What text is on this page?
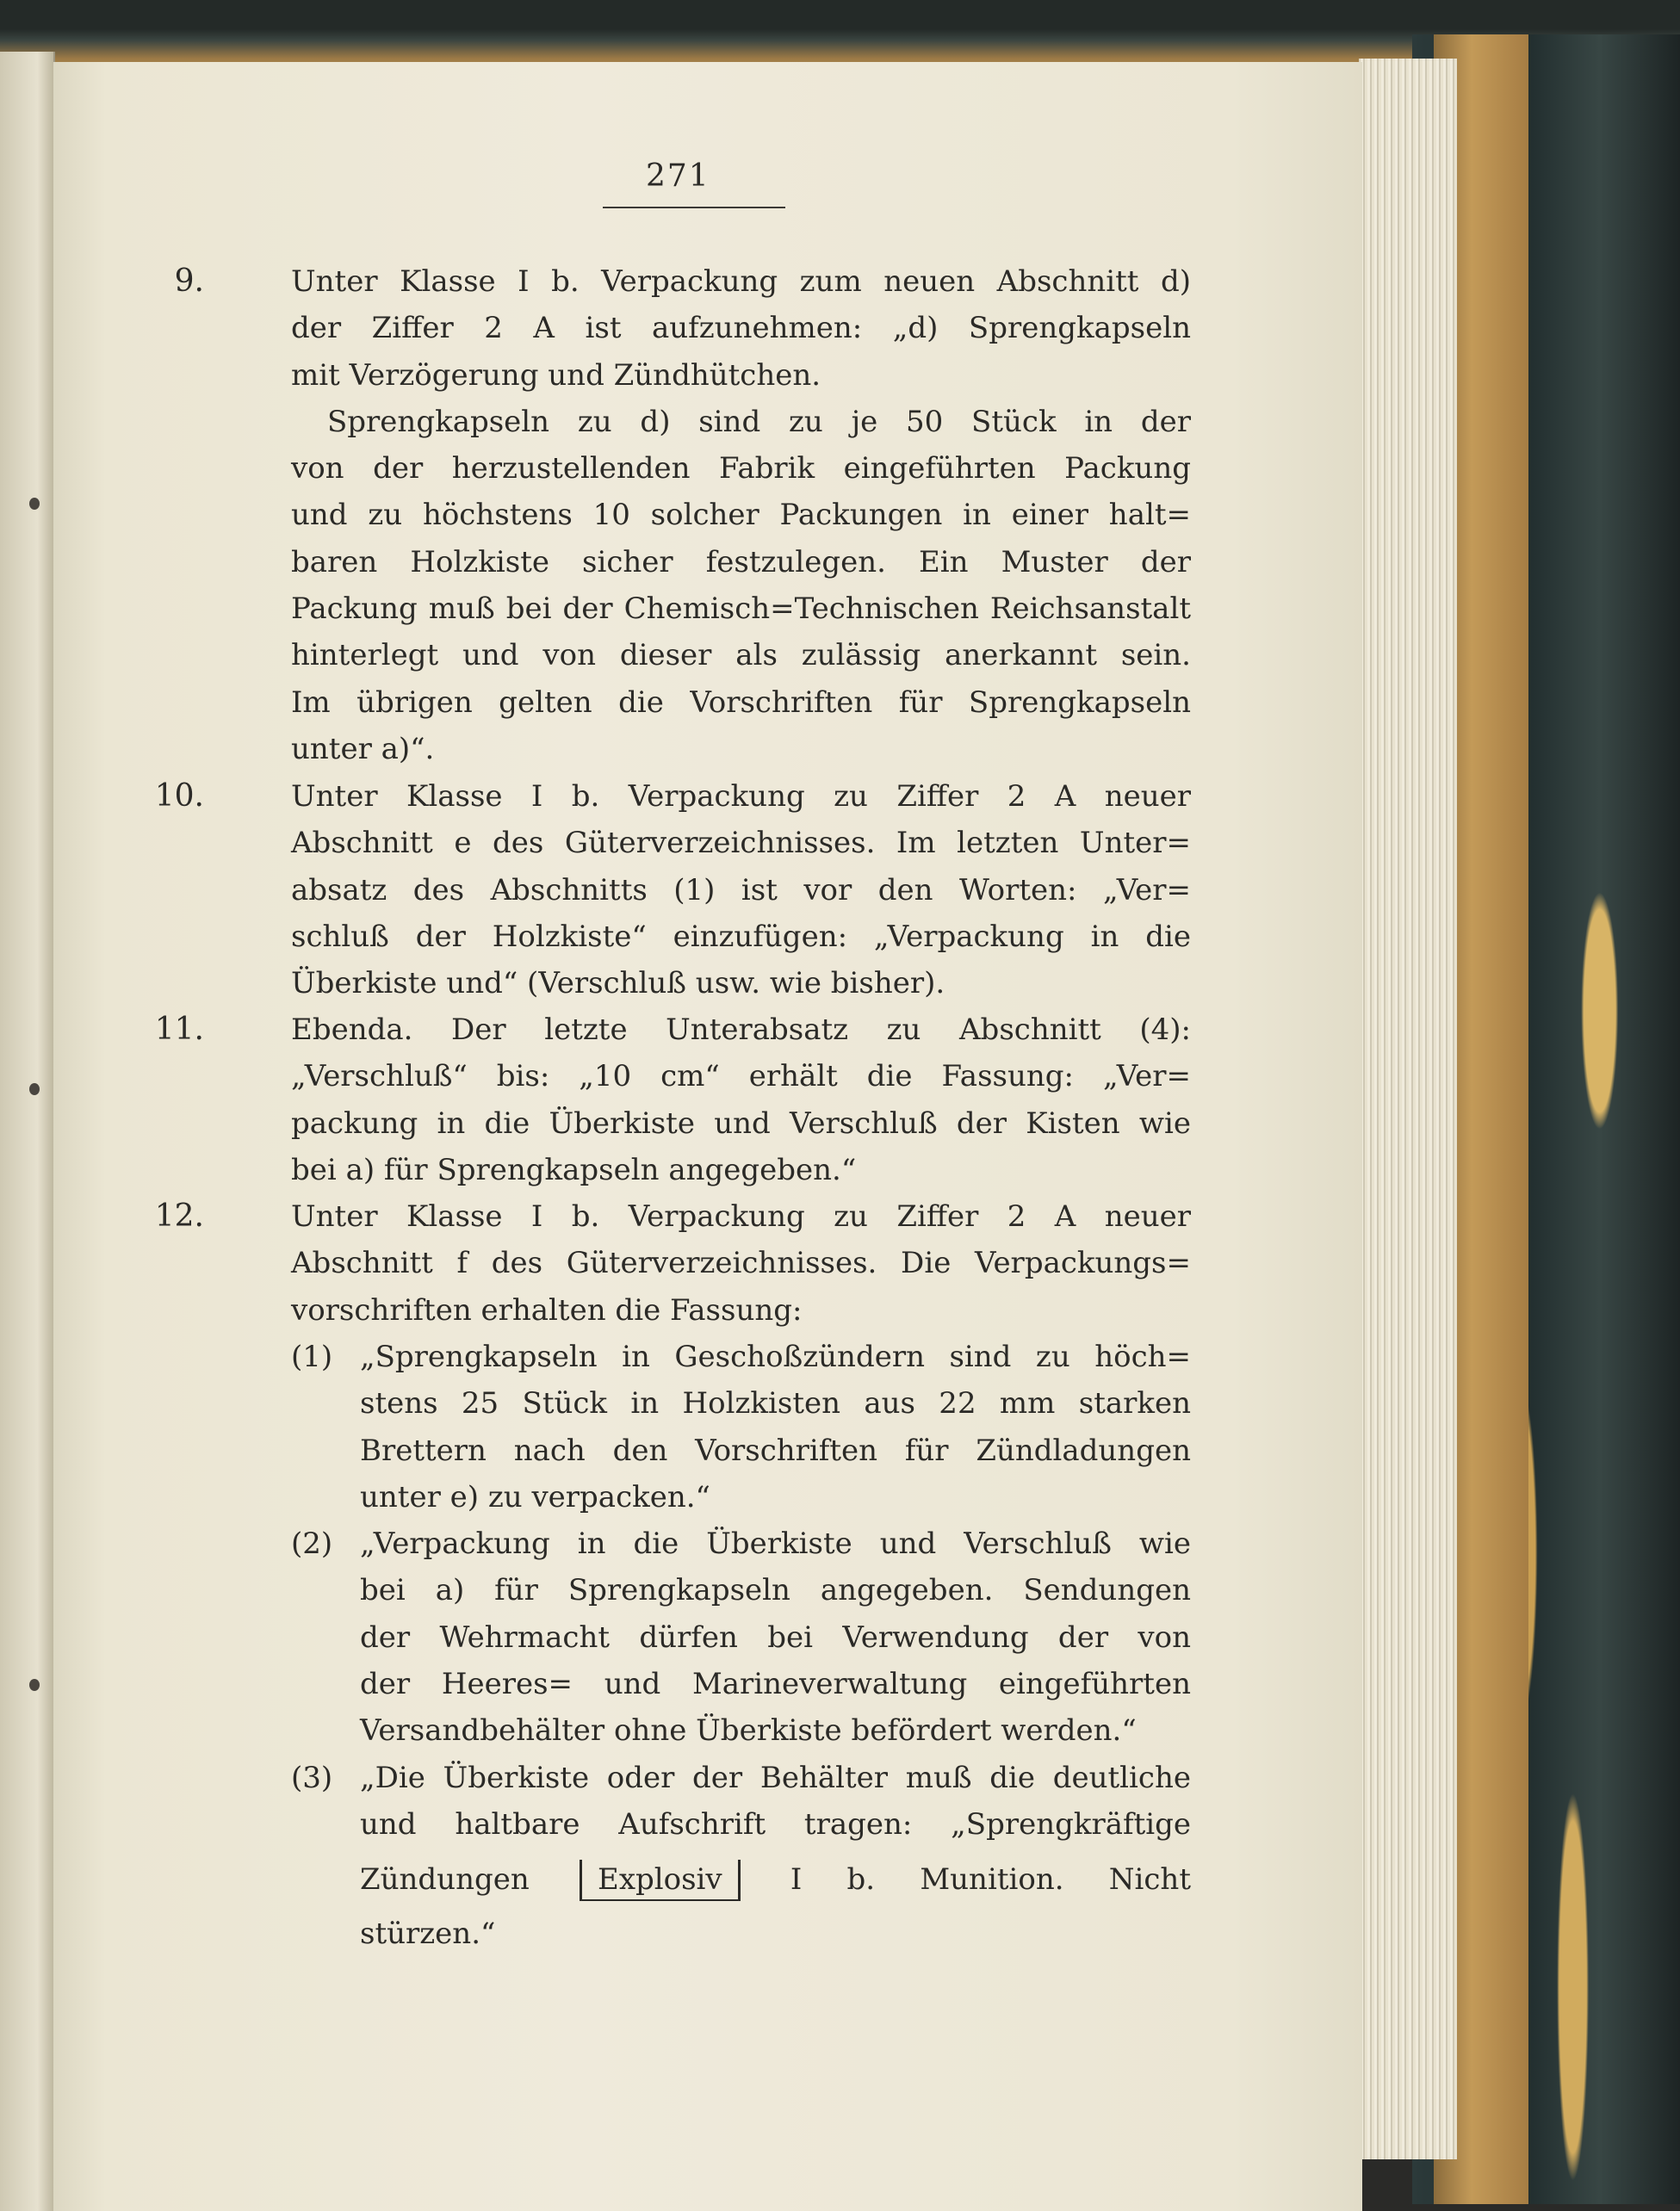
271
9.	Unter Klasse I b. Verpackung zum neuen Abschnitt d)
der Ziffer 2 A ist aufzunehmen: „d) Sprengkapseln
mit Verzögerung und Zündhütchen.
Sprengkapseln zu d) sind zu je 50 Stück in der
von der herzustellenden Fabrik eingeführten Packung
und zu höchstens 10 solcher Packungen in einer halt=
baren Holzkiste sicher festzulegen. Ein Muster der
Packung muß bei der Chemisch=Technischen Reichsanstalt
hinterlegt und von dieser als zulässig anerkannt sein.
Im übrigen gelten die Vorschriften für Sprengkapseln
unter a)“.
10.	Unter Klasse I b. Verpackung zu Ziffer 2 A neuer
Abschnitt e des Güterverzeichnisses. Im letzten Unter=
absatz des Abschnitts (1) ist vor den Worten: „Ver=
schluß der Holzkiste“ einzufügen: „Verpackung in die
Überkiste und“ (Verschluß usw. wie bisher).
11.	Ebenda. Der letzte Unterabsatz zu Abschnitt (4):
„Verschluß“ bis: „10 cm“ erhält die Fassung: „Ver=
packung in die Überkiste und Verschluß der Kisten wie
bei a) für Sprengkapseln angegeben.“
12.	Unter Klasse I b. Verpackung zu Ziffer 2 A neuer
Abschnitt f des Güterverzeichnisses. Die Verpackungs=
vorschriften erhalten die Fassung:
(1) „Sprengkapseln in Geschoßzündern sind zu höch=
stens 25 Stück in Holzkisten aus 22 mm starken
Brettern nach den Vorschriften für Zündladungen
unter e) zu verpacken.“
(2) „Verpackung in die Überkiste und Verschluß wie
bei a) für Sprengkapseln angegeben. Sendungen
der Wehrmacht dürfen bei Verwendung der von
der Heeres= und Marineverwaltung eingeführten
Versandbehälter ohne Überkiste befördert werden.“
(3) „Die Überkiste oder der Behälter muß die deutliche
und haltbare Aufschrift tragen: „Sprengkräftige
Zündungen Explosiv I b. Munition. Nicht
stürzen.“
